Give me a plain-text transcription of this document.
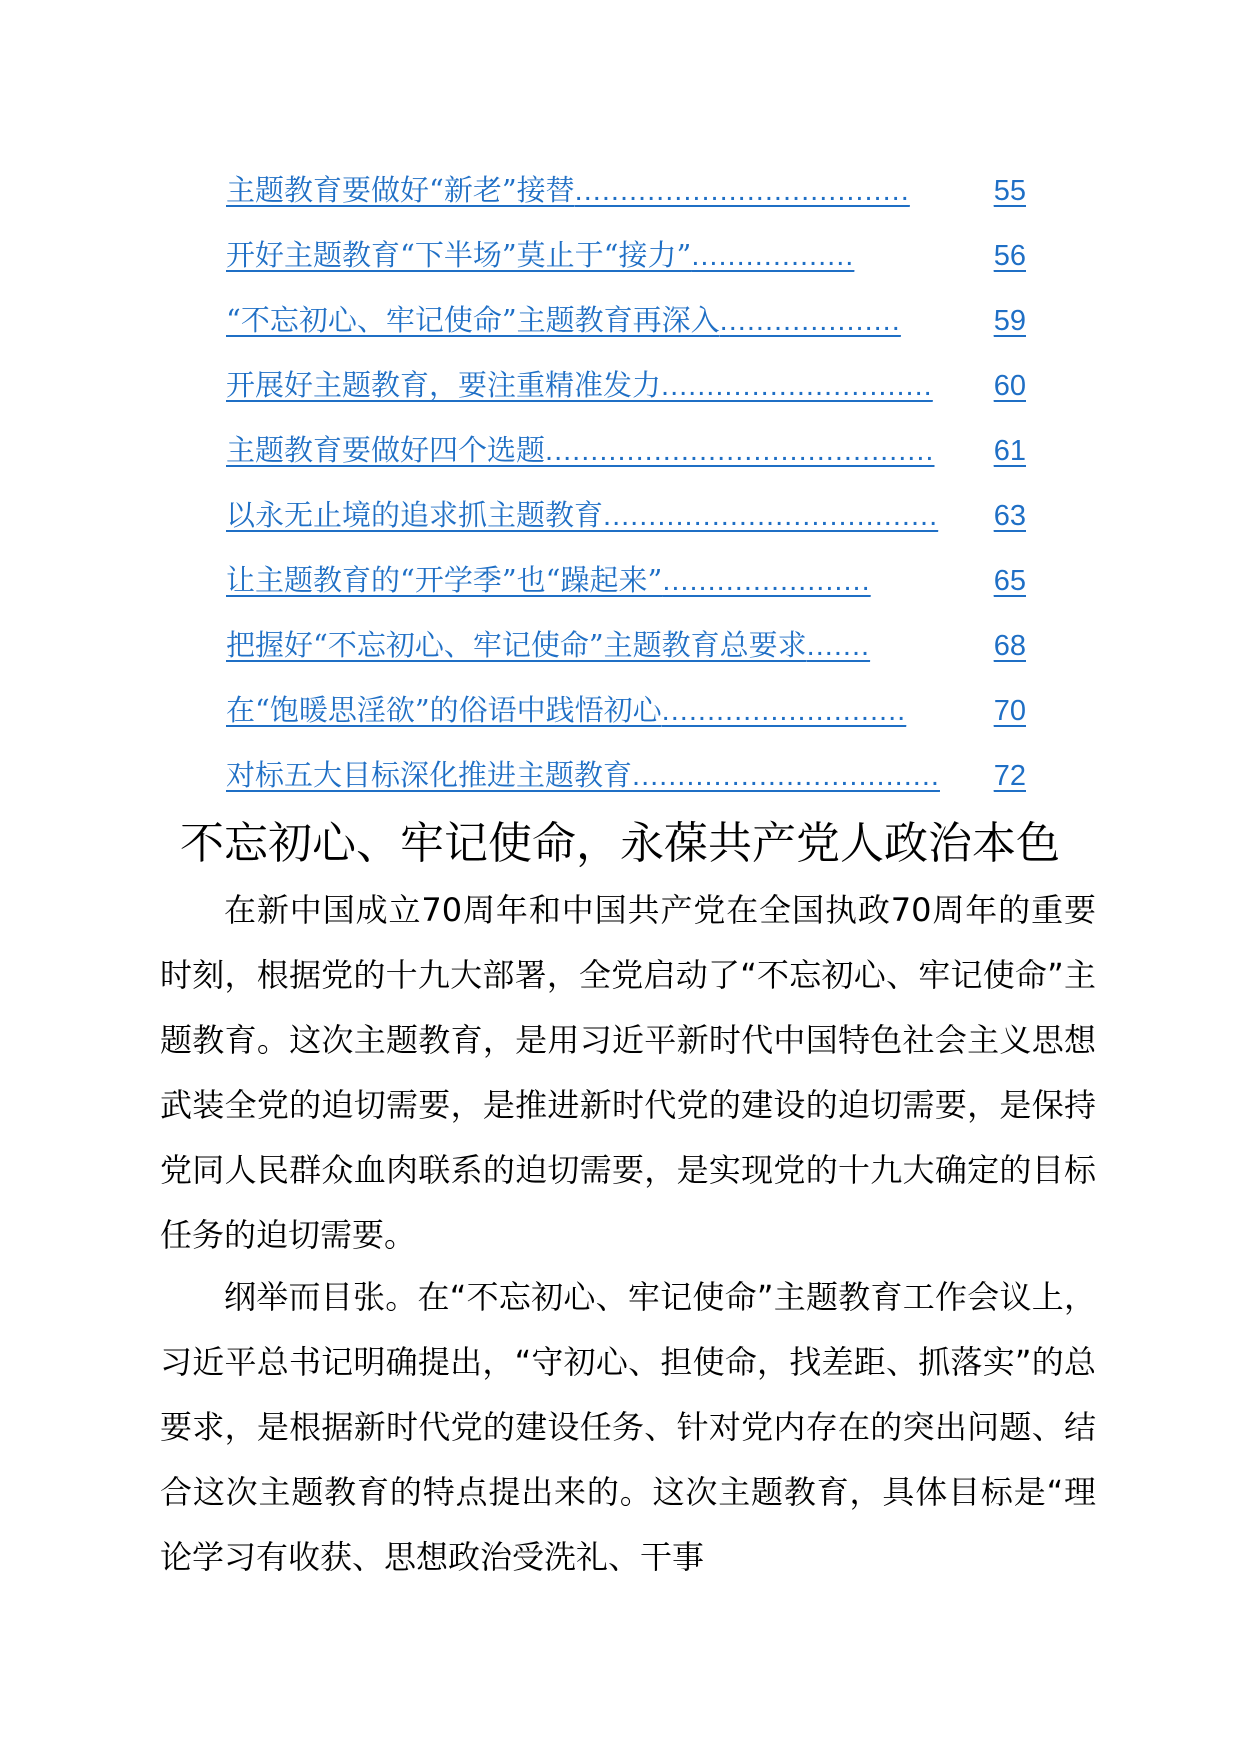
主题教育要做好“新老”接替 .....................................	55
开好主题教育“下半场”莫止于“接力” ..................	56
“不忘初心、牢记使命”主题教育再深入 ....................	59
开展好主题教育，要注重精准发力 ..............................	60
主题教育要做好四个选题 ...........................................	61
以永无止境的追求抓主题教育 .....................................	63
让主题教育的“开学季”也“躁起来” .......................	65
把握好“不忘初心、牢记使命”主题教育总要求 .......	68
在“饱暖思淫欲”的俗语中践悟初心 ...........................	70
对标五大目标深化推进主题教育 ..................................	72
不忘初心、牢记使命，永葆共产党人政治本色

在新中国成立70周年和中国共产党在全国执政70周年的重要时刻，根据党的十九大部署，全党启动了“不忘初心、牢记使命”主题教育。这次主题教育，是用习近平新时代中国特色社会主义思想武装全党的迫切需要，是推进新时代党的建设的迫切需要，是保持党同人民群众血肉联系的迫切需要，是实现党的十九大确定的目标任务的迫切需要。

纲举而目张。在“不忘初心、牢记使命”主题教育工作会议上，习近平总书记明确提出，“守初心、担使命，找差距、抓落实”的总要求，是根据新时代党的建设任务、针对党内存在的突出问题、结合这次主题教育的特点提出来的。这次主题教育，具体目标是“理论学习有收获、思想政治受洗礼、干事
